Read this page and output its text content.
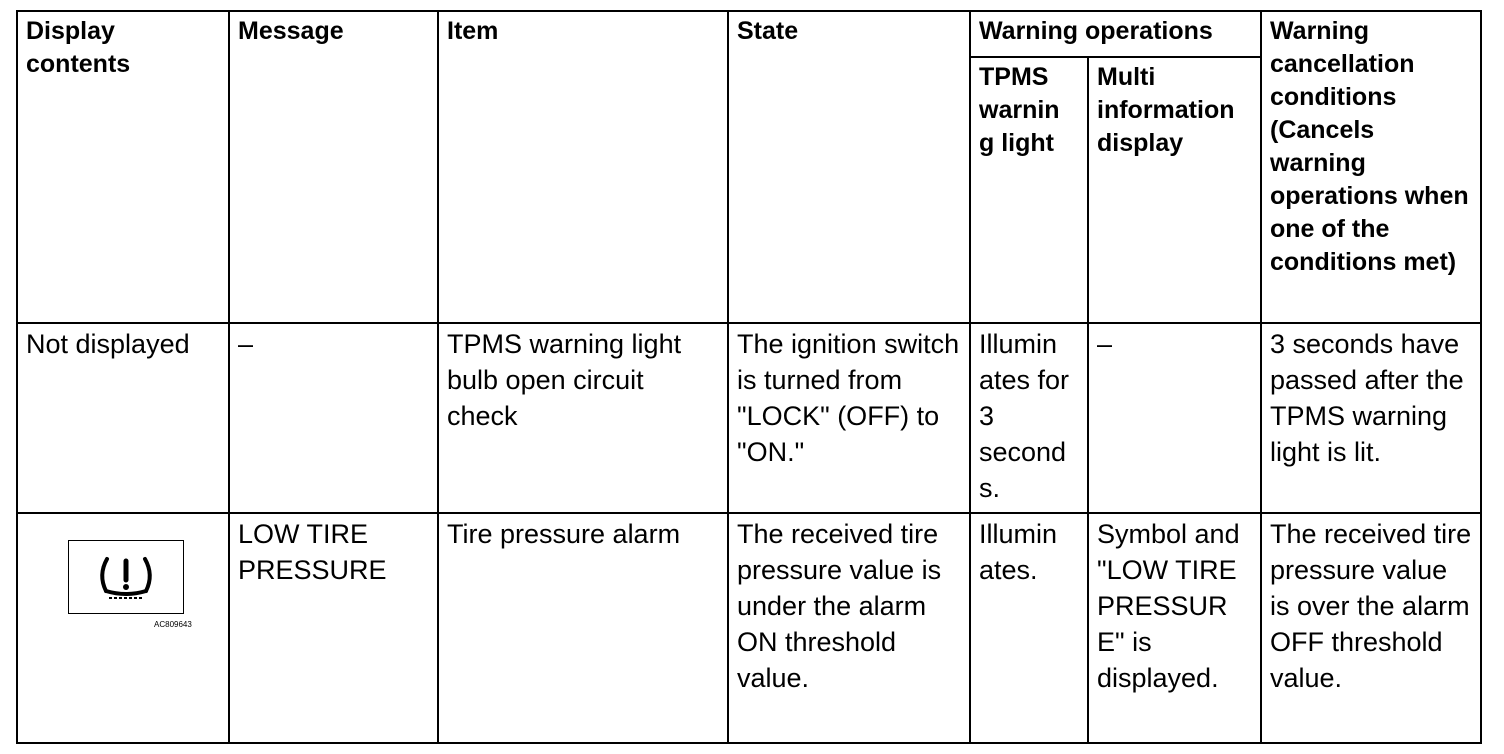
Display contents	Message	Item	State	Warning operations		Warning cancellation conditions (Cancels warning operations when one of the conditions met)
				TPMS warnin g light	Multi information display	
Not displayed	–	TPMS warning light bulb open circuit check	The ignition switch is turned from "LOCK" (OFF) to "ON."	Illumin ates for 3 second s.	–	3 seconds have passed after the TPMS warning light is lit.

AC809643	LOW TIRE PRESSURE	Tire pressure alarm	The received tire pressure value is under the alarm ON threshold value.	Illumin ates.	Symbol and "LOW TIRE PRESSUR E" is displayed.	The received tire pressure value is over the alarm OFF threshold value.
